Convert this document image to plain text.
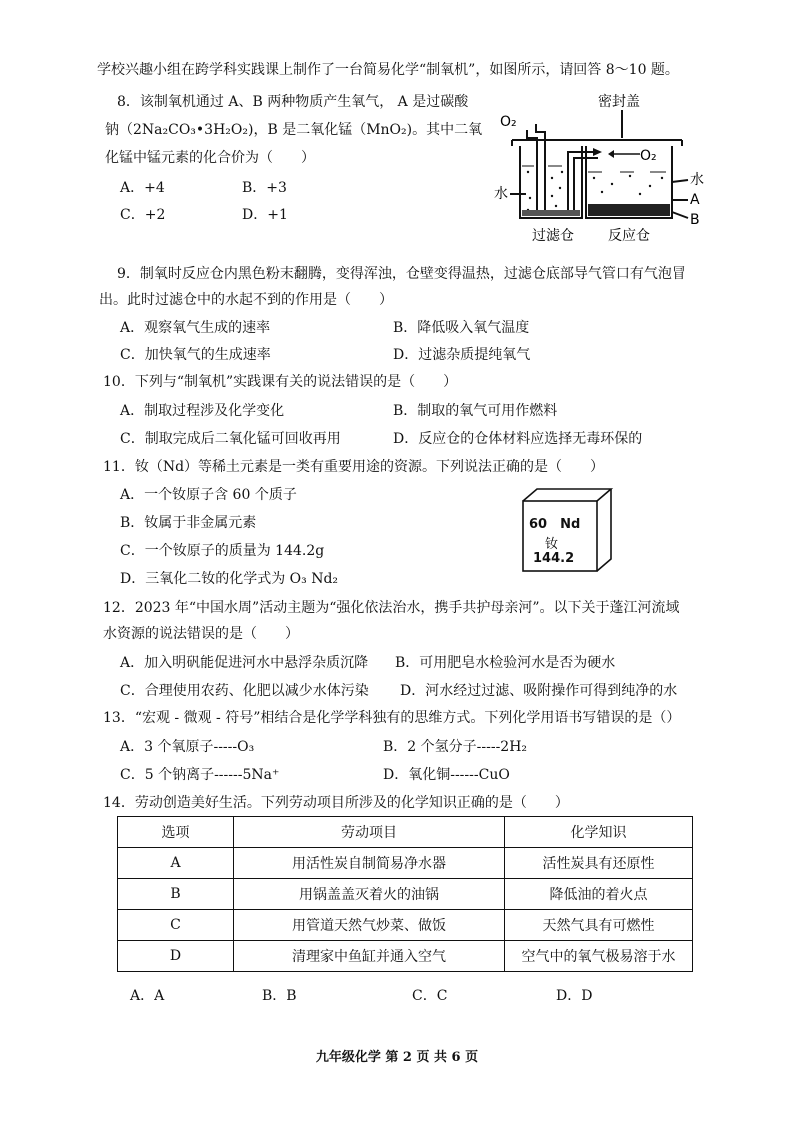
学校兴趣小组在跨学科实践课上制作了一台简易化学“制氧机”，如图所示，请回答 8～10 题。
8．该制氧机通过 A、B 两种物质产生氧气， A 是过碳酸
钠（2Na₂CO₃•3H₂O₂)，B 是二氧化锰（MnO₂)。其中二氧
化锰中锰元素的化合价为（　　）
A．+4	B．+3
C．+2	D．+1
O₂
密封盖
O₂
水
水	A
B
过滤仓 反应仓
9．制氧时反应仓内黑色粉末翻腾，变得浑浊，仓壁变得温热，过滤仓底部导气管口有气泡冒
出。此时过滤仓中的水起不到的作用是（　　）
A．观察氧气生成的速率	B．降低吸入氧气温度
C．加快氧气的生成速率	D．过滤杂质提纯氧气
10．下列与“制氧机”实践课有关的说法错误的是（　　）
A．制取过程涉及化学变化	B．制取的氧气可用作燃料
C．制取完成后二氧化锰可回收再用	D．反应仓的仓体材料应选择无毒环保的
11．钕（Nd）等稀土元素是一类有重要用途的资源。下列说法正确的是（　　）
A．一个钕原子含 60 个质子
B．钕属于非金属元素
C．一个钕原子的质量为 144.2g
D．三氧化二钕的化学式为 O₃ Nd₂
60　Nd
钕
144.2
12．2023 年“中国水周”活动主题为“强化依法治水，携手共护母亲河”。以下关于蓬江河流域
水资源的说法错误的是（　　）
A．加入明矾能促进河水中悬浮杂质沉降 B．可用肥皂水检验河水是否为硬水
C．合理使用农药、化肥以减少水体污染 D．河水经过过滤、吸附操作可得到纯净的水
13．“宏观 - 微观 - 符号”相结合是化学学科独有的思维方式。下列化学用语书写错误的是（）
A．3 个氧原子-----O₃	B．2 个氢分子-----2H₂
C．5 个钠离子------5Na⁺	D．氧化铜------CuO
14．劳动创造美好生活。下列劳动项目所涉及的化学知识正确的是（　　）
选项	劳动项目	化学知识
A	用活性炭自制简易净水器	活性炭具有还原性
B	用锅盖盖灭着火的油锅	降低油的着火点
C	用管道天然气炒菜、做饭	天然气具有可燃性
D	清理家中鱼缸并通入空气	空气中的氧气极易溶于水
A．A	B．B	C．C	D．D
九年级化学 第 2 页 共 6 页
